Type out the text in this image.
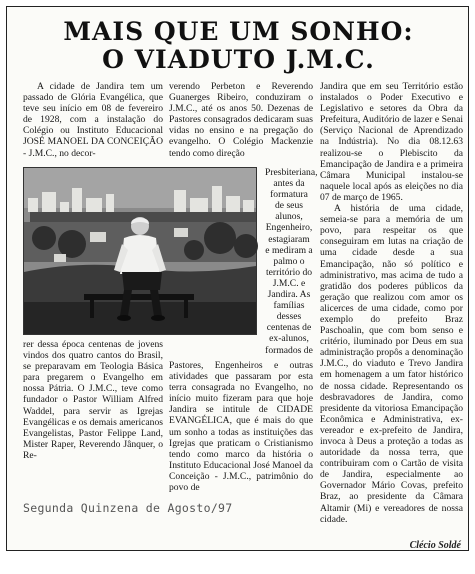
MAIS QUE UM SONHO:
O VIADUTO J.M.C.

A cidade de Jandira tem um passado de Glória Evangélica, que teve seu início em 08 de fevereiro de 1928, com a instalação do Colégio ou Instituto Educacional JOSÉ MANOEL DA CONCEIÇÃO - J.M.C., no decor-

verendo Perbeton e Reverendo Guanerges Ribeiro, conduziram o J.M.C., até os anos 50. Dezenas de Pastores consagrados dedicaram suas vidas no ensino e na pregação do evangelho. O Colégio Mackenzie tendo como direção

Jandira que em seu Território estão instalados o Poder Executivo e Legislativo e setores da Obra da Prefeitura, Auditório de lazer e Senai (Serviço Nacional de Aprendizado na Indústria). No dia 08.12.63 realizou-se o Plebiscito da Emancipação de Jandira e a primeira Câmara Municipal instalou-se naquele local após as eleições no dia 07 de março de 1965.

A história de uma cidade, semeia-se para a memória de um povo, para respeitar os que conseguiram em lutas na criação de uma cidade desde a sua Emancipação, não só político e administrativo, mas acima de tudo a gratidão dos poderes públicos da geração que realizou com amor os alicerces de uma cidade, como por exemplo do prefeito Braz Paschoalin, que com bom senso e critério, iluminado por Deus em sua administração propôs a denominação J.M.C., do viaduto e Trevo Jandira em homenagem a um fator histórico de nossa cidade. Representando os desbravadores de Jandira, como presidente da vitoriosa Emancipação Econômica e Administrativa, ex-vereador e ex-prefeito de Jandira, invoca à Deus a proteção a todas as autoridade da nossa terra, que contribuiram com o Cartão de visita de Jandira, especialmente ao Governador Mário Covas, prefeito Braz, ao presidente da Câmara Altamir (Mi) e vereadores de nossa cidade.

Presbiteriana, antes da formatura de seus alunos, Engenheiro, estagiaram e mediram a palmo o território do J.M.C. e Jandira. As famílias desses centenas de ex-alunos, formados de

rer dessa época centenas de jovens vindos dos quatro cantos do Brasil, se preparavam em Teologia Básica para pregarem o Evangelho em nossa Pátria. O J.M.C., teve como fundador o Pastor William Alfred Waddel, para servir as Igrejas Evangélicas e os demais americanos Evangelistas, Pastor Felippe Land, Mister Raper, Reverendo Jânquer, o Re-

Pastores, Engenheiros e outras atividades que passaram por esta terra consagrada no Evangelho, no início muito fizeram para que hoje Jandira se intitule de CIDADE EVANGÉLICA, que é mais do que um sonho a todas as instituições das Igrejas que praticam o Cristianismo tendo como marco da história o Instituto Educacional José Manoel da Conceição - J.M.C., patrimônio do povo de

Segunda Quinzena de Agosto/97
Clécio Soldé
